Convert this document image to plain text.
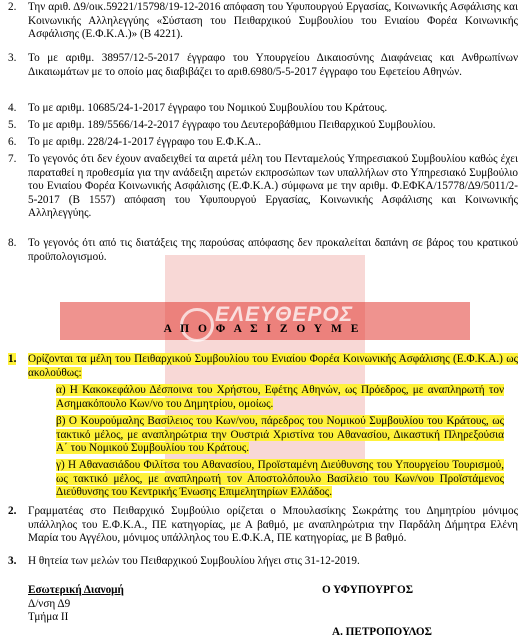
ΕΛΕΥΘΕΡΟΣ
2.	Την αριθ. Δ9/οικ.59221/15798/19-12-2016 απόφαση του Υφυπουργού Εργασίας, Κοινωνικής Ασφάλισης και Κοινωνικής Αλληλεγγύης «Σύσταση του Πειθαρχικού Συμβουλίου του Ενιαίου Φορέα Κοινωνικής Ασφάλισης (Ε.Φ.Κ.Α.)» (Β 4221).
3.	Το με αριθμ. 38957/12-5-2017 έγγραφο του Υπουργείου Δικαιοσύνης Διαφάνειας και Ανθρωπίνων Δικαιωμάτων με το οποίο μας διαβιβάζει το αριθ.6980/5-5-2017 έγγραφο του Εφετείου Αθηνών.
4.	Το με αριθμ. 10685/24-1-2017 έγγραφο του Νομικού Συμβουλίου του Κράτους.
5.	Το με αριθμ. 189/5566/14-2-2017 έγγραφο του Δευτεροβάθμιου Πειθαρχικού Συμβουλίου.
6.	Το με αριθμ. 228/24-1-2017 έγγραφο του Ε.Φ.Κ.Α..
7.	Το γεγονός ότι δεν έχουν αναδειχθεί τα αιρετά μέλη του Πενταμελούς Υπηρεσιακού Συμβουλίου καθώς έχει παραταθεί η προθεσμία για την ανάδειξη αιρετών εκπροσώπων των υπαλλήλων στο Υπηρεσιακό Συμβούλιο του Ενιαίου Φορέα Κοινωνικής Ασφάλισης (Ε.Φ.Κ.Α.) σύμφωνα με την αριθμ. Φ.ΕΦΚΑ/15778/Δ9/5011/2-5-2017 (Β 1557) απόφαση του Υφυπουργού Εργασίας, Κοινωνικής Ασφάλισης και Κοινωνικής Αλληλεγγύης.
8.	Το γεγονός ότι από τις διατάξεις της παρούσας απόφασης δεν προκαλείται δαπάνη σε βάρος του κρατικού προϋπολογισμού.
Α Π Ο Φ Α Σ Ι Ζ Ο Υ Μ Ε
1.	Ορίζονται τα μέλη του Πειθαρχικού Συμβουλίου του Ενιαίου Φορέα Κοινωνικής Ασφάλισης (Ε.Φ.Κ.Α.) ως ακολούθως:
α) Η Κακοκεφάλου Δέσποινα του Χρήστου, Εφέτης Αθηνών, ως Πρόεδρος, με αναπληρωτή τον Ασημακόπουλο Κων/νο του Δημητρίου, ομοίως.
β) Ο Κουρούμαλης Βασίλειος του Κων/νου, πάρεδρος του Νομικού Συμβουλίου του Κράτους, ως τακτικό μέλος, με αναπληρώτρια την Ουστριά Χριστίνα του Αθανασίου, Δικαστική Πληρεξούσια Α΄ του Νομικού Συμβουλίου του Κράτους.
γ) Η Αθανασιάδου Φιλίτσα του Αθανασίου, Προϊσταμένη Διεύθυνσης του Υπουργείου Τουρισμού, ως τακτικό μέλος, με αναπληρωτή τον Αποστολόπουλο Βασίλειο του Κων/νου Προϊστάμενος Διεύθυνσης του Κεντρικής Ένωσης Επιμελητηρίων Ελλάδος.
2.	Γραμματέας στο Πειθαρχικό Συμβούλιο ορίζεται ο Μπουλασίκης Σωκράτης του Δημητρίου μόνιμος υπάλληλος του Ε.Φ.Κ.Α., ΠΕ κατηγορίας, με Α βαθμό, με αναπληρώτρια την Παρδάλη Δήμητρα Ελένη Μαρία του Αγγέλου, μόνιμος υπάλληλος του Ε.Φ.Κ.Α, ΠΕ κατηγορίας, με Β βαθμό.
3.	Η θητεία των μελών του Πειθαρχικού Συμβουλίου λήγει στις 31-12-2019.
Εσωτερική Διανομή
Δ/νση Δ9
Τμήμα ΙΙ
Ο ΥΦΥΠΟΥΡΓΟΣ
Α. ΠΕΤΡΟΠΟΥΛΟΣ
